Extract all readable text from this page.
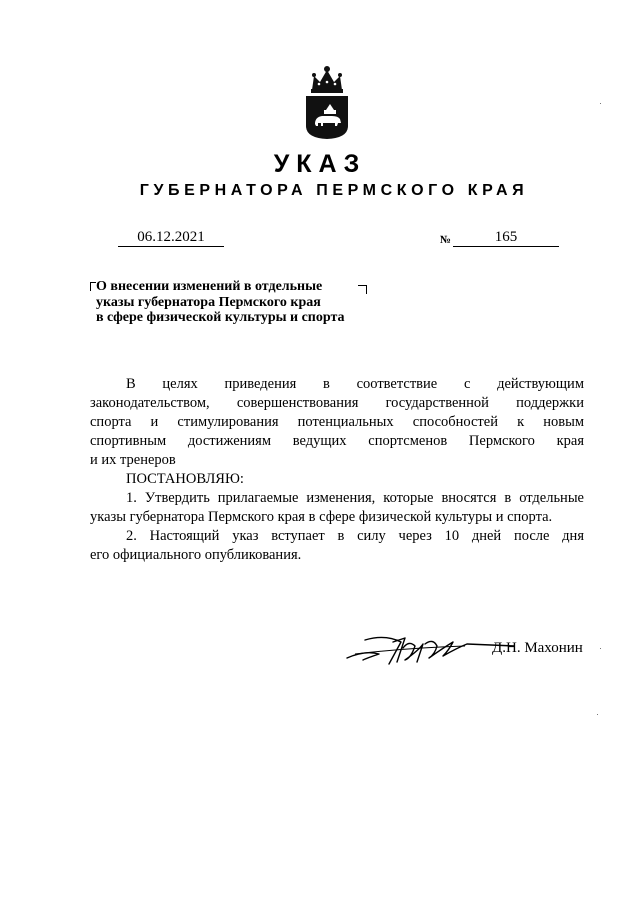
УКАЗ
ГУБЕРНАТОРА ПЕРМСКОГО КРАЯ
06.12.2021	№	165
О внесении изменений в отдельные
указы губернатора Пермского края
в сфере физической культуры и спорта
В целях приведения в соответствие с действующим
законодательством, совершенствования государственной поддержки
спорта и стимулирования потенциальных способностей к новым
спортивным достижениям ведущих спортсменов Пермского края
и их тренеров
ПОСТАНОВЛЯЮ:
1. Утвердить прилагаемые изменения, которые вносятся в отдельные
указы губернатора Пермского края в сфере физической культуры и спорта.
2. Настоящий указ вступает в силу через 10 дней после дня
его официального опубликования.
Д.Н. Махонин
